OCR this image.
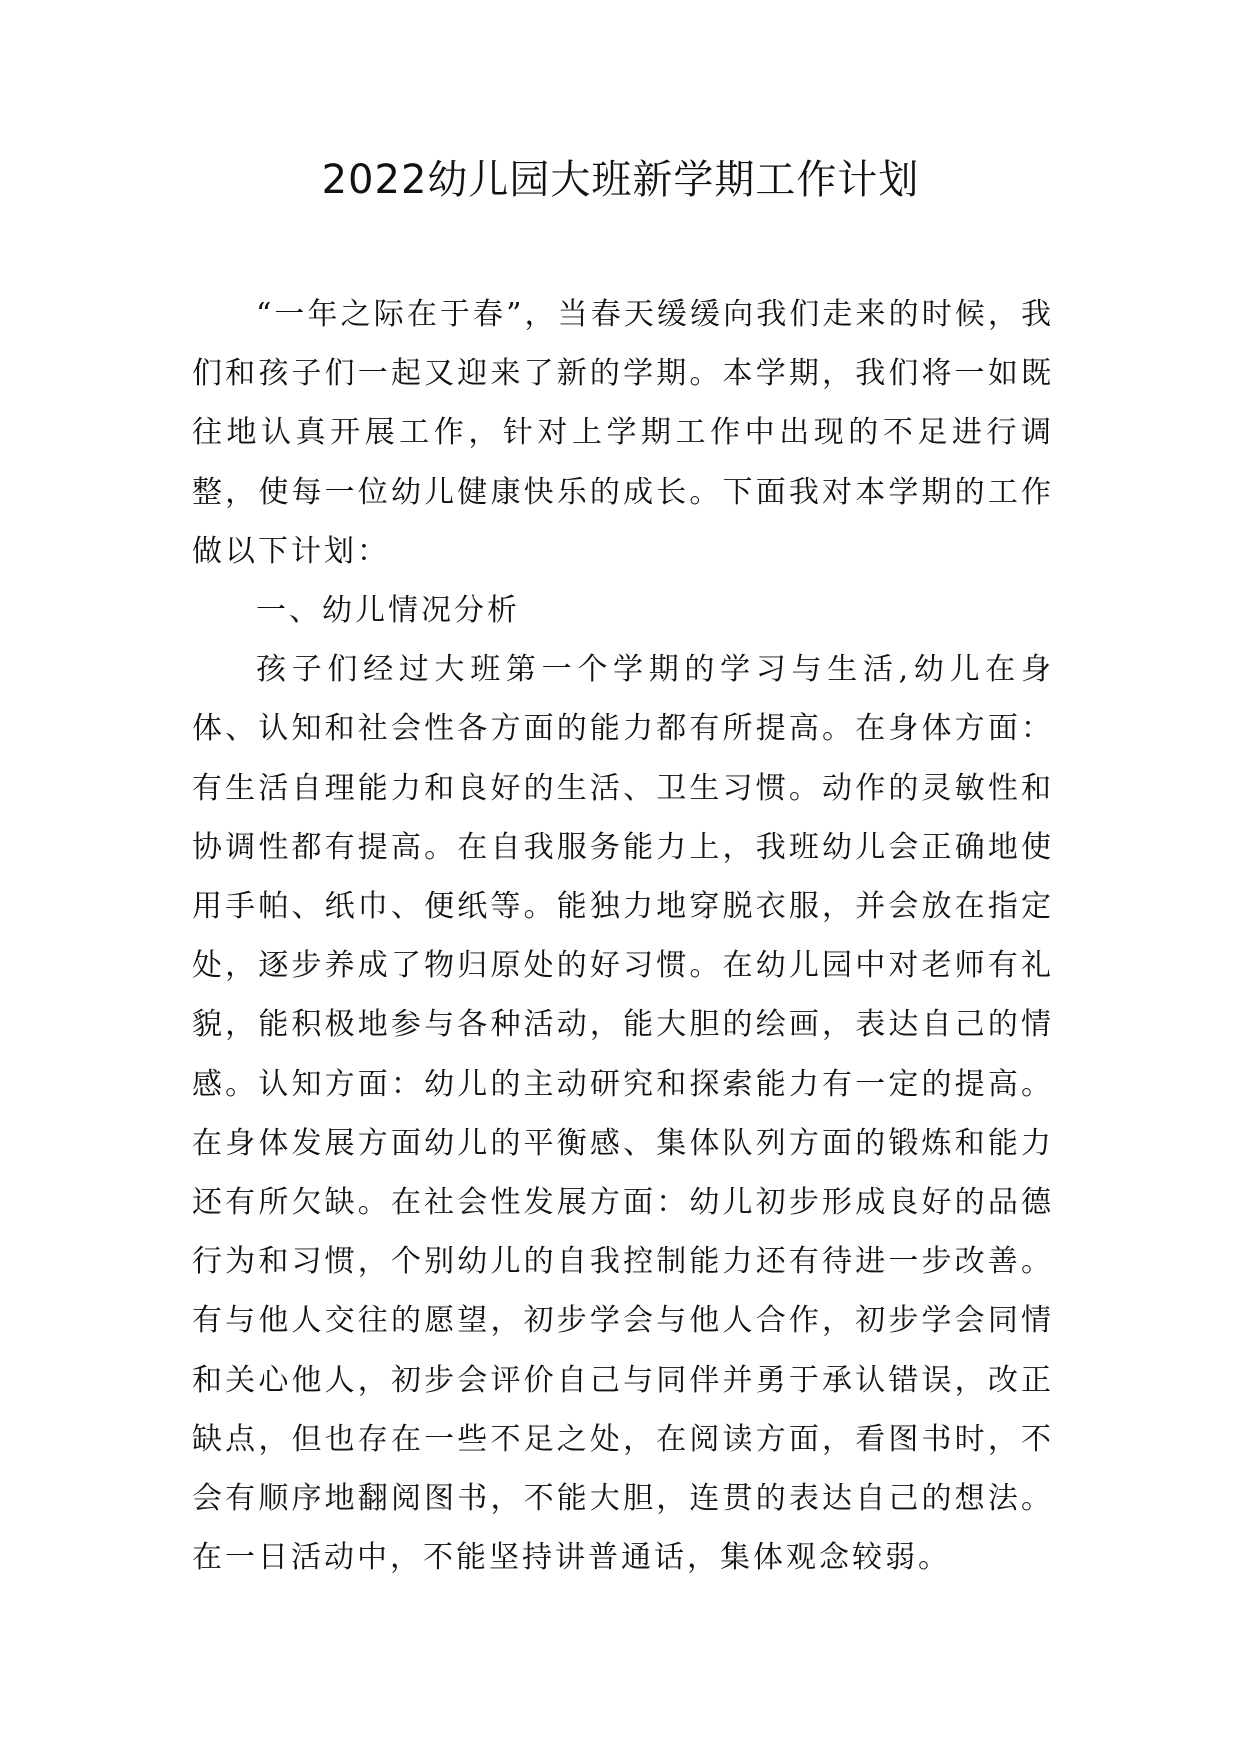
2022幼儿园大班新学期工作计划

“一年之际在于春”，当春天缓缓向我们走来的时候，我们和孩子们一起又迎来了新的学期。本学期，我们将一如既往地认真开展工作，针对上学期工作中出现的不足进行调整，使每一位幼儿健康快乐的成长。下面我对本学期的工作做以下计划：

一、幼儿情况分析

孩子们经过大班第一个学期的学习与生活,幼儿在身体、认知和社会性各方面的能力都有所提高。在身体方面：有生活自理能力和良好的生活、卫生习惯。动作的灵敏性和协调性都有提高。在自我服务能力上，我班幼儿会正确地使用手帕、纸巾、便纸等。能独力地穿脱衣服，并会放在指定处，逐步养成了物归原处的好习惯。在幼儿园中对老师有礼貌，能积极地参与各种活动，能大胆的绘画，表达自己的情感。认知方面：幼儿的主动研究和探索能力有一定的提高。在身体发展方面幼儿的平衡感、集体队列方面的锻炼和能力还有所欠缺。在社会性发展方面：幼儿初步形成良好的品德行为和习惯，个别幼儿的自我控制能力还有待进一步改善。有与他人交往的愿望，初步学会与他人合作，初步学会同情和关心他人，初步会评价自己与同伴并勇于承认错误，改正缺点，但也存在一些不足之处，在阅读方面，看图书时，不会有顺序地翻阅图书，不能大胆，连贯的表达自己的想法。在一日活动中，不能坚持讲普通话，集体观念较弱。
